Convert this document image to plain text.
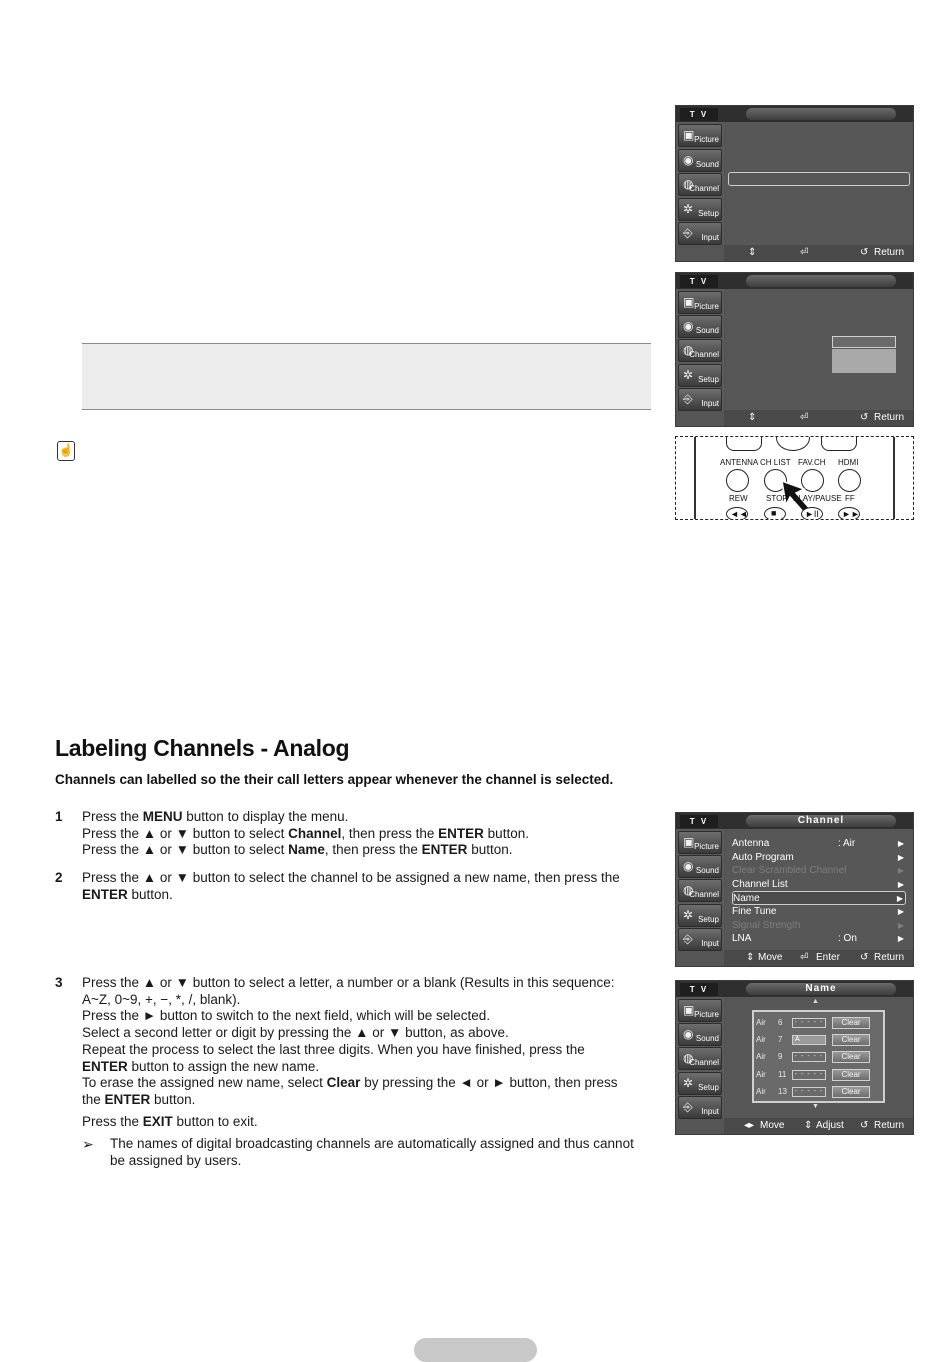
T V
▣ Picture
◉ Sound
◍
Channel
✲ Setup
⎆ Input
⇕	⏎	↺ Return
T V
▣ Picture
◉ Sound
◍
Channel
✲ Setup
⎆ Input
⇕	⏎	↺ Return
☝
ANTENNA CH LIST FAV.CH HDMI
REW STOP PLAY/PAUSE FF
◄◄	■	►II	►►
Labeling Channels - Analog
Channels can labelled so the their call letters appear whenever the channel is selected.
1 Press the MENU button to display the menu.
Press the ▲ or ▼ button to select Channel, then press the ENTER button.
Press the ▲ or ▼ button to select Name, then press the ENTER button.
2 Press the ▲ or ▼ button to select the channel to be assigned a new name, then press the
ENTER button.
3 Press the ▲ or ▼ button to select a letter, a number or a blank (Results in this sequence:
A~Z, 0~9, +, −, *, /, blank).
Press the ► button to switch to the next field, which will be selected.
Select a second letter or digit by pressing the ▲ or ▼ button, as above.
Repeat the process to select the last three digits. When you have finished, press the
ENTER button to assign the new name.
To erase the assigned new name, select Clear by pressing the ◄ or ► button, then press
the ENTER button.
Press the EXIT button to exit.
➢ The names of digital broadcasting channels are automatically assigned and thus cannot be assigned by users.
T V	Channel
▣ Picture
◉ Sound
◍
Channel
✲ Setup
⎆ Input
Antenna	: Air	▶
Auto Program	▶
Clear Scrambled Channel	▶
Channel List	▶
Name	▶
Fine Tune	▶
Signal Strength	▶
LNA	: On	▶
⇕ Move ⏎ Enter ↺ Return
T V	Name
▣ Picture
◉ Sound
◍
Channel
✲ Setup
⎆ Input
▲
Air	6	- - - - -	Clear
Air	7	A	Clear
Air	9	- - - - -	Clear
Air	11	- - - - -	Clear
Air	13	- - - - -	Clear
▼
◂▸ Move ⇕ Adjust ↺ Return
